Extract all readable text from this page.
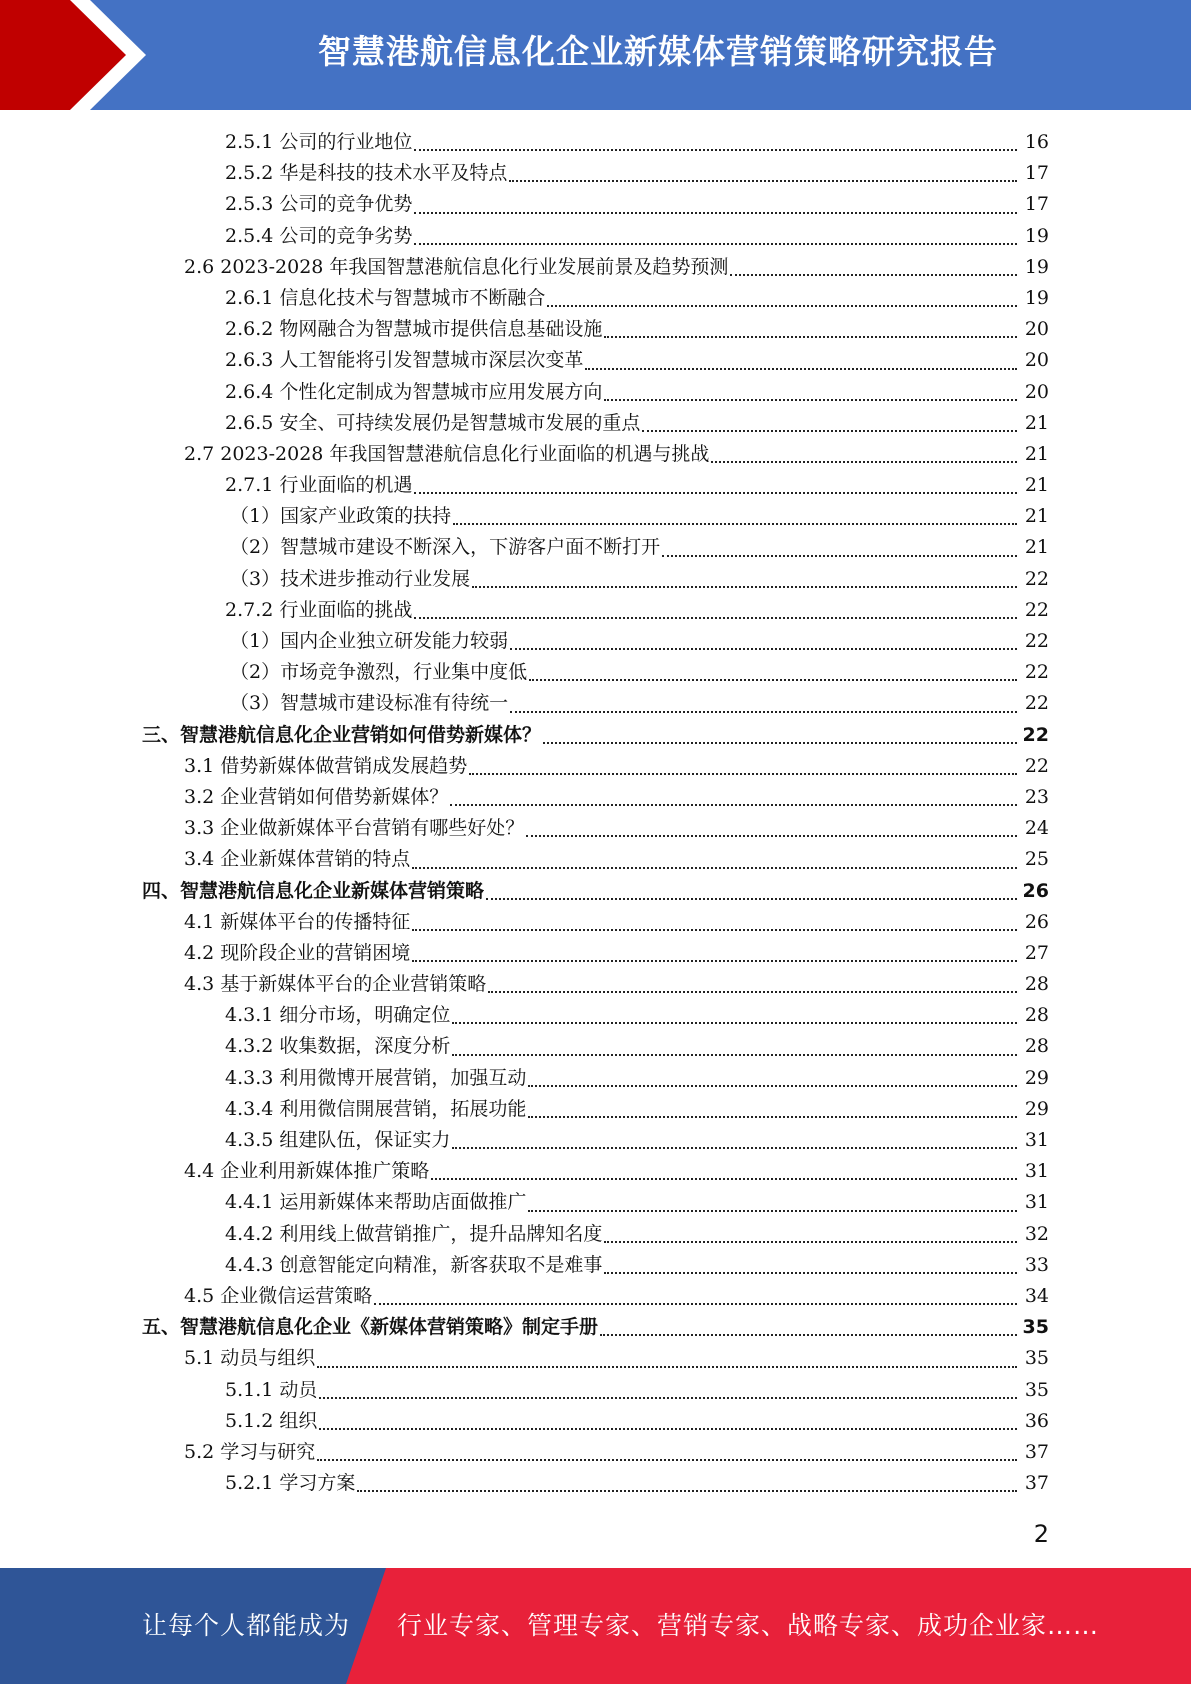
智慧港航信息化企业新媒体营销策略研究报告
2.5.1 公司的行业地位	16
2.5.2 华是科技的技术水平及特点	17
2.5.3 公司的竞争优势	17
2.5.4 公司的竞争劣势	19
2.6 2023-2028 年我国智慧港航信息化行业发展前景及趋势预测	19
2.6.1 信息化技术与智慧城市不断融合	19
2.6.2 物网融合为智慧城市提供信息基础设施	20
2.6.3 人工智能将引发智慧城市深层次变革	20
2.6.4 个性化定制成为智慧城市应用发展方向	20
2.6.5 安全、可持续发展仍是智慧城市发展的重点	21
2.7 2023-2028 年我国智慧港航信息化行业面临的机遇与挑战	21
2.7.1 行业面临的机遇	21
（1）国家产业政策的扶持	21
（2）智慧城市建设不断深入，下游客户面不断打开	21
（3）技术进步推动行业发展	22
2.7.2 行业面临的挑战	22
（1）国内企业独立研发能力较弱	22
（2）市场竞争激烈，行业集中度低	22
（3）智慧城市建设标准有待统一	22
三、智慧港航信息化企业营销如何借势新媒体？	22
3.1 借势新媒体做营销成发展趋势	22
3.2 企业营销如何借势新媒体？	23
3.3 企业做新媒体平台营销有哪些好处？	24
3.4 企业新媒体营销的特点	25
四、智慧港航信息化企业新媒体营销策略	26
4.1 新媒体平台的传播特征	26
4.2 现阶段企业的营销困境	27
4.3 基于新媒体平台的企业营销策略	28
4.3.1 细分市场，明确定位	28
4.3.2 收集数据，深度分析	28
4.3.3 利用微博开展营销，加强互动	29
4.3.4 利用微信開展营销，拓展功能	29
4.3.5 组建队伍，保证实力	31
4.4 企业利用新媒体推广策略	31
4.4.1 运用新媒体来帮助店面做推广	31
4.4.2 利用线上做营销推广，提升品牌知名度	32
4.4.3 创意智能定向精准，新客获取不是难事	33
4.5 企业微信运营策略	34
五、智慧港航信息化企业《新媒体营销策略》制定手册	35
5.1 动员与组织	35
5.1.1 动员	35
5.1.2 组织	36
5.2 学习与研究	37
5.2.1 学习方案	37
2
让每个人都能成为 行业专家、管理专家、营销专家、战略专家、成功企业家……
